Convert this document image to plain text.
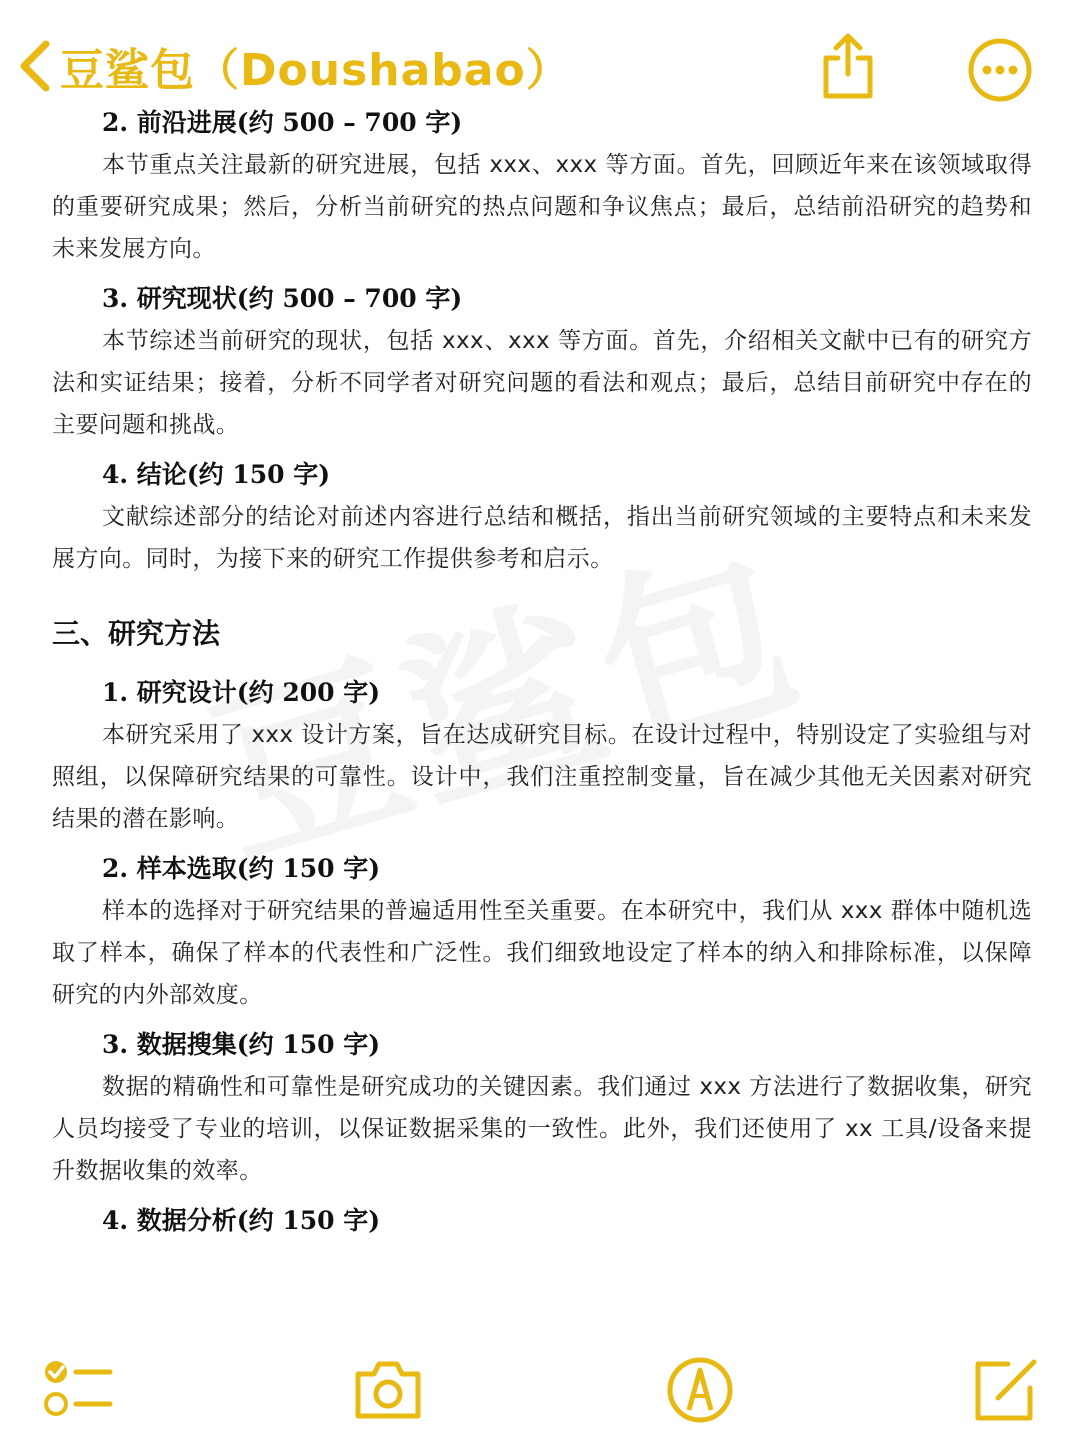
豆鲨包（Doushabao）
2. 前沿进展(约 500 – 700 字)

本节重点关注最新的研究进展，包括 xxx、xxx 等方面。首先，回顾近年来在该领域取得的重要研究成果；然后，分析当前研究的热点问题和争议焦点；最后，总结前沿研究的趋势和未来发展方向。

3. 研究现状(约 500 – 700 字)

本节综述当前研究的现状，包括 xxx、xxx 等方面。首先，介绍相关文献中已有的研究方法和实证结果；接着，分析不同学者对研究问题的看法和观点；最后，总结目前研究中存在的主要问题和挑战。

4. 结论(约 150 字)

文献综述部分的结论对前述内容进行总结和概括，指出当前研究领域的主要特点和未来发展方向。同时，为接下来的研究工作提供参考和启示。

三、研究方法
1. 研究设计(约 200 字)

本研究采用了 xxx 设计方案，旨在达成研究目标。在设计过程中，特别设定了实验组与对照组，以保障研究结果的可靠性。设计中，我们注重控制变量，旨在减少其他无关因素对研究结果的潜在影响。

2. 样本选取(约 150 字)

样本的选择对于研究结果的普遍适用性至关重要。在本研究中，我们从 xxx 群体中随机选取了样本，确保了样本的代表性和广泛性。我们细致地设定了样本的纳入和排除标准，以保障研究的内外部效度。

3. 数据搜集(约 150 字)

数据的精确性和可靠性是研究成功的关键因素。我们通过 xxx 方法进行了数据收集，研究人员均接受了专业的培训，以保证数据采集的一致性。此外，我们还使用了 xx 工具/设备来提升数据收集的效率。

4. 数据分析(约 150 字)
